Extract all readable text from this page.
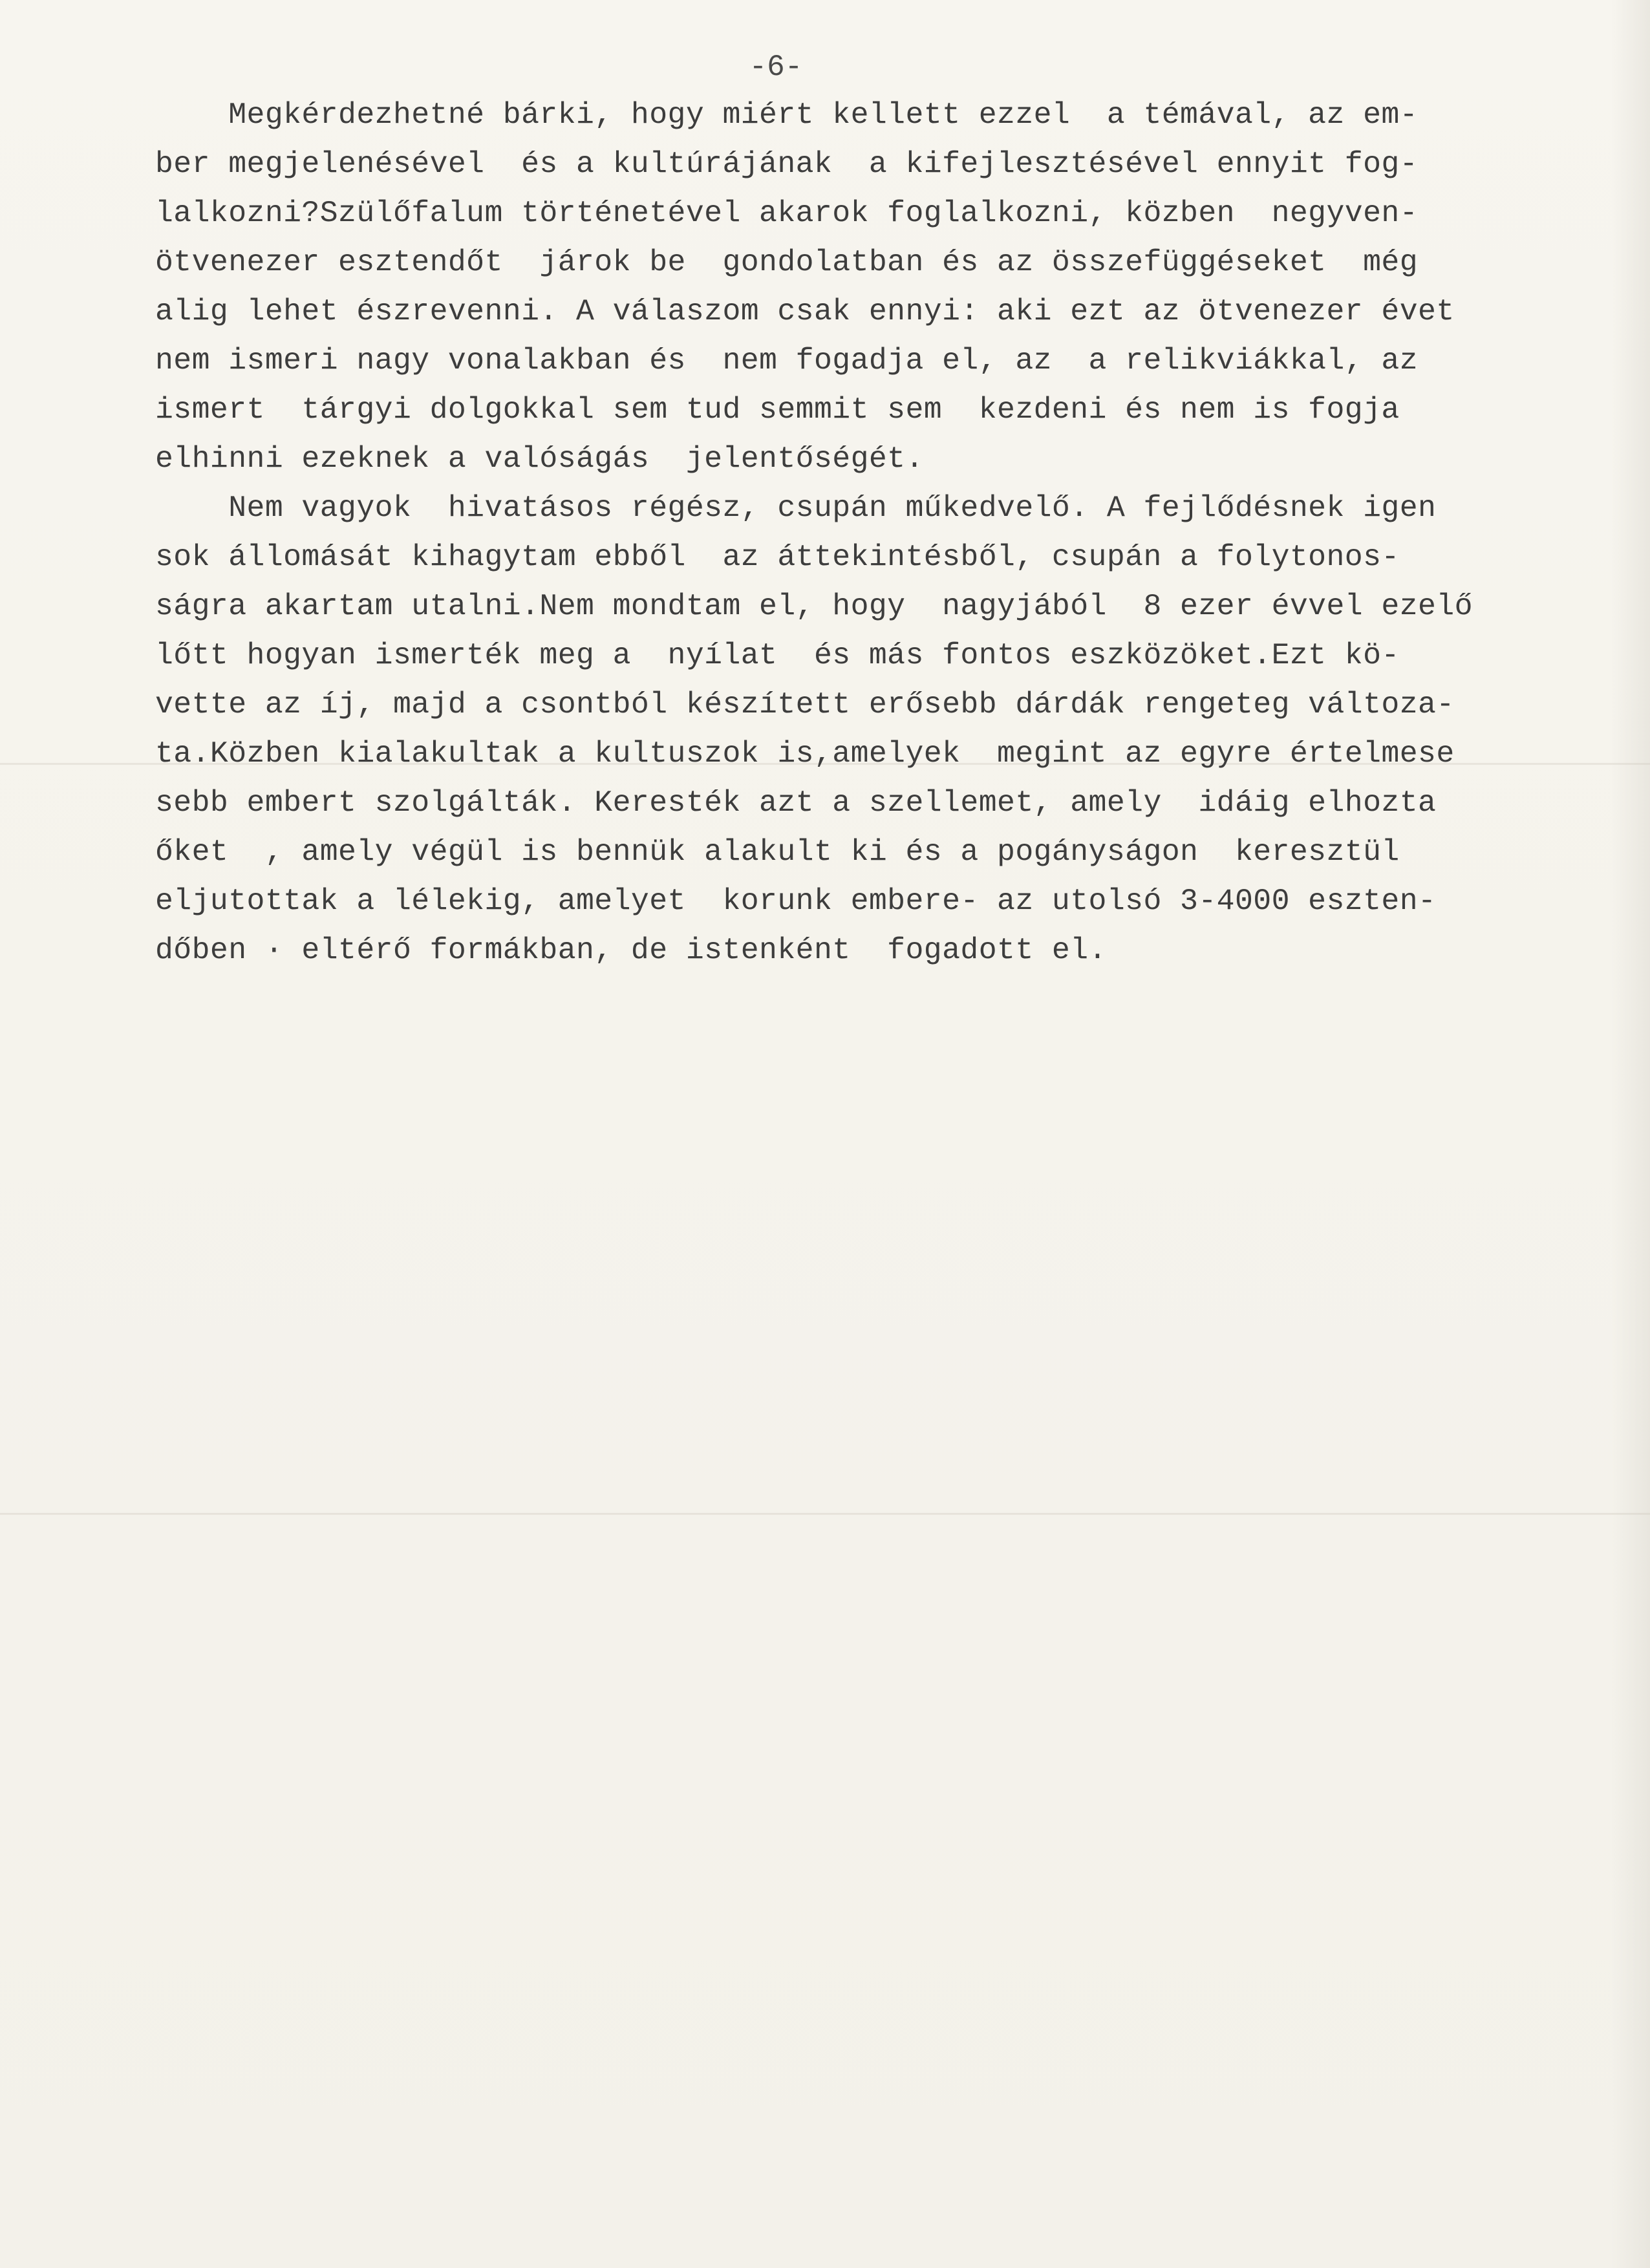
-6-

Megkérdezhetné bárki, hogy miért kellett ezzel  a témával, az em-

ber megjelenésével  és a kultúrájának  a kifejlesztésével ennyit fog-

lalkozni?Szülőfalum történetével akarok foglalkozni, közben  negyven-

ötvenezer esztendőt  járok be  gondolatban és az összefüggéseket  még

alig lehet észrevenni. A válaszom csak ennyi: aki ezt az ötvenezer évet

nem ismeri nagy vonalakban és  nem fogadja el, az  a relikviákkal, az

ismert  tárgyi dolgokkal sem tud semmit sem  kezdeni és nem is fogja

elhinni ezeknek a valóságás  jelentőségét.

Nem vagyok  hivatásos régész, csupán műkedvelő. A fejlődésnek igen

sok állomását kihagytam ebből  az áttekintésből, csupán a folytonos-

ságra akartam utalni.Nem mondtam el, hogy  nagyjából  8 ezer évvel ezelő

lőtt hogyan ismerték meg a  nyílat  és más fontos eszközöket.Ezt kö-

vette az íj, majd a csontból készített erősebb dárdák rengeteg változa-

ta.Közben kialakultak a kultuszok is,amelyek  megint az egyre értelmese

sebb embert szolgálták. Keresték azt a szellemet, amely  idáig elhozta

őket  , amely végül is bennük alakult ki és a pogányságon  keresztül

eljutottak a lélekig, amelyet  korunk embere- az utolsó 3-4000 eszten-

dőben · eltérő formákban, de istenként  fogadott el.
